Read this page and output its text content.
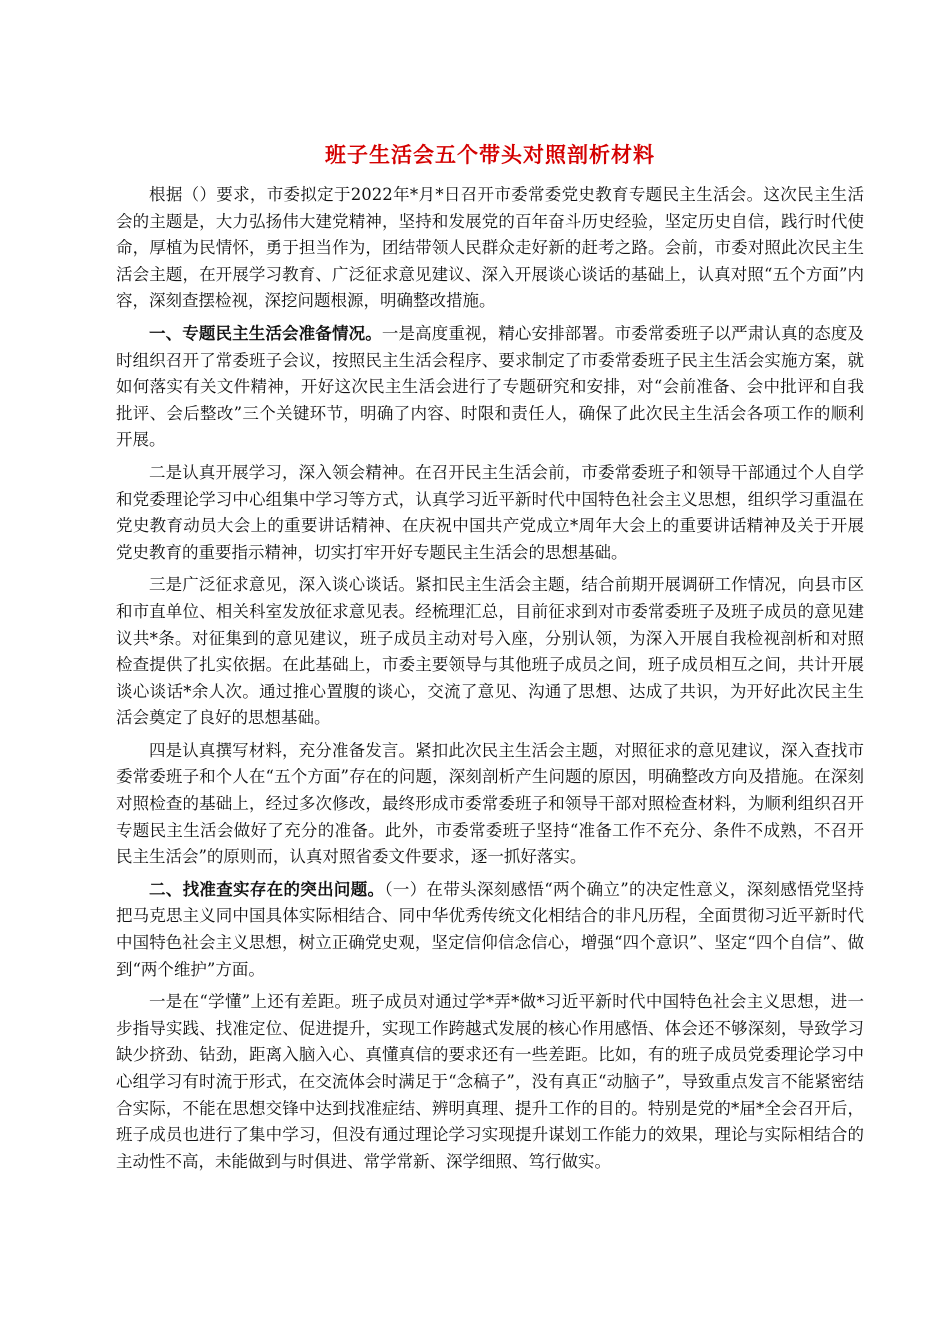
班子生活会五个带头对照剖析材料

根据（）要求，市委拟定于2022年*月*日召开市委常委党史教育专题民主生活会。这次民主生活会的主题是，大力弘扬伟大建党精神，坚持和发展党的百年奋斗历史经验，坚定历史自信，践行时代使命，厚植为民情怀，勇于担当作为，团结带领人民群众走好新的赶考之路。会前，市委对照此次民主生活会主题，在开展学习教育、广泛征求意见建议、深入开展谈心谈话的基础上，认真对照“五个方面”内容，深刻查摆检视，深挖问题根源，明确整改措施。

一、专题民主生活会准备情况。一是高度重视，精心安排部署。市委常委班子以严肃认真的态度及时组织召开了常委班子会议，按照民主生活会程序、要求制定了市委常委班子民主生活会实施方案，就如何落实有关文件精神，开好这次民主生活会进行了专题研究和安排，对“会前准备、会中批评和自我批评、会后整改”三个关键环节，明确了内容、时限和责任人，确保了此次民主生活会各项工作的顺利开展。

二是认真开展学习，深入领会精神。在召开民主生活会前，市委常委班子和领导干部通过个人自学和党委理论学习中心组集中学习等方式，认真学习近平新时代中国特色社会主义思想，组织学习重温在党史教育动员大会上的重要讲话精神、在庆祝中国共产党成立*周年大会上的重要讲话精神及关于开展党史教育的重要指示精神，切实打牢开好专题民主生活会的思想基础。

三是广泛征求意见，深入谈心谈话。紧扣民主生活会主题，结合前期开展调研工作情况，向县市区和市直单位、相关科室发放征求意见表。经梳理汇总，目前征求到对市委常委班子及班子成员的意见建议共*条。对征集到的意见建议，班子成员主动对号入座，分别认领，为深入开展自我检视剖析和对照检查提供了扎实依据。在此基础上，市委主要领导与其他班子成员之间，班子成员相互之间，共计开展谈心谈话*余人次。通过推心置腹的谈心，交流了意见、沟通了思想、达成了共识，为开好此次民主生活会奠定了良好的思想基础。

四是认真撰写材料，充分准备发言。紧扣此次民主生活会主题，对照征求的意见建议，深入查找市委常委班子和个人在“五个方面”存在的问题，深刻剖析产生问题的原因，明确整改方向及措施。在深刻对照检查的基础上，经过多次修改，最终形成市委常委班子和领导干部对照检查材料，为顺利组织召开专题民主生活会做好了充分的准备。此外，市委常委班子坚持“准备工作不充分、条件不成熟，不召开民主生活会”的原则而，认真对照省委文件要求，逐一抓好落实。

二、找准查实存在的突出问题。（一）在带头深刻感悟“两个确立”的决定性意义，深刻感悟党坚持把马克思主义同中国具体实际相结合、同中华优秀传统文化相结合的非凡历程，全面贯彻习近平新时代中国特色社会主义思想，树立正确党史观，坚定信仰信念信心，增强“四个意识”、坚定“四个自信”、做到“两个维护”方面。

一是在“学懂”上还有差距。班子成员对通过学*弄*做*习近平新时代中国特色社会主义思想，进一步指导实践、找准定位、促进提升，实现工作跨越式发展的核心作用感悟、体会还不够深刻，导致学习缺少挤劲、钻劲，距离入脑入心、真懂真信的要求还有一些差距。比如，有的班子成员党委理论学习中心组学习有时流于形式，在交流体会时满足于“念稿子”，没有真正“动脑子”，导致重点发言不能紧密结合实际，不能在思想交锋中达到找准症结、辨明真理、提升工作的目的。特别是党的*届*全会召开后，班子成员也进行了集中学习，但没有通过理论学习实现提升谋划工作能力的效果，理论与实际相结合的主动性不高，未能做到与时俱进、常学常新、深学细照、笃行做实。
